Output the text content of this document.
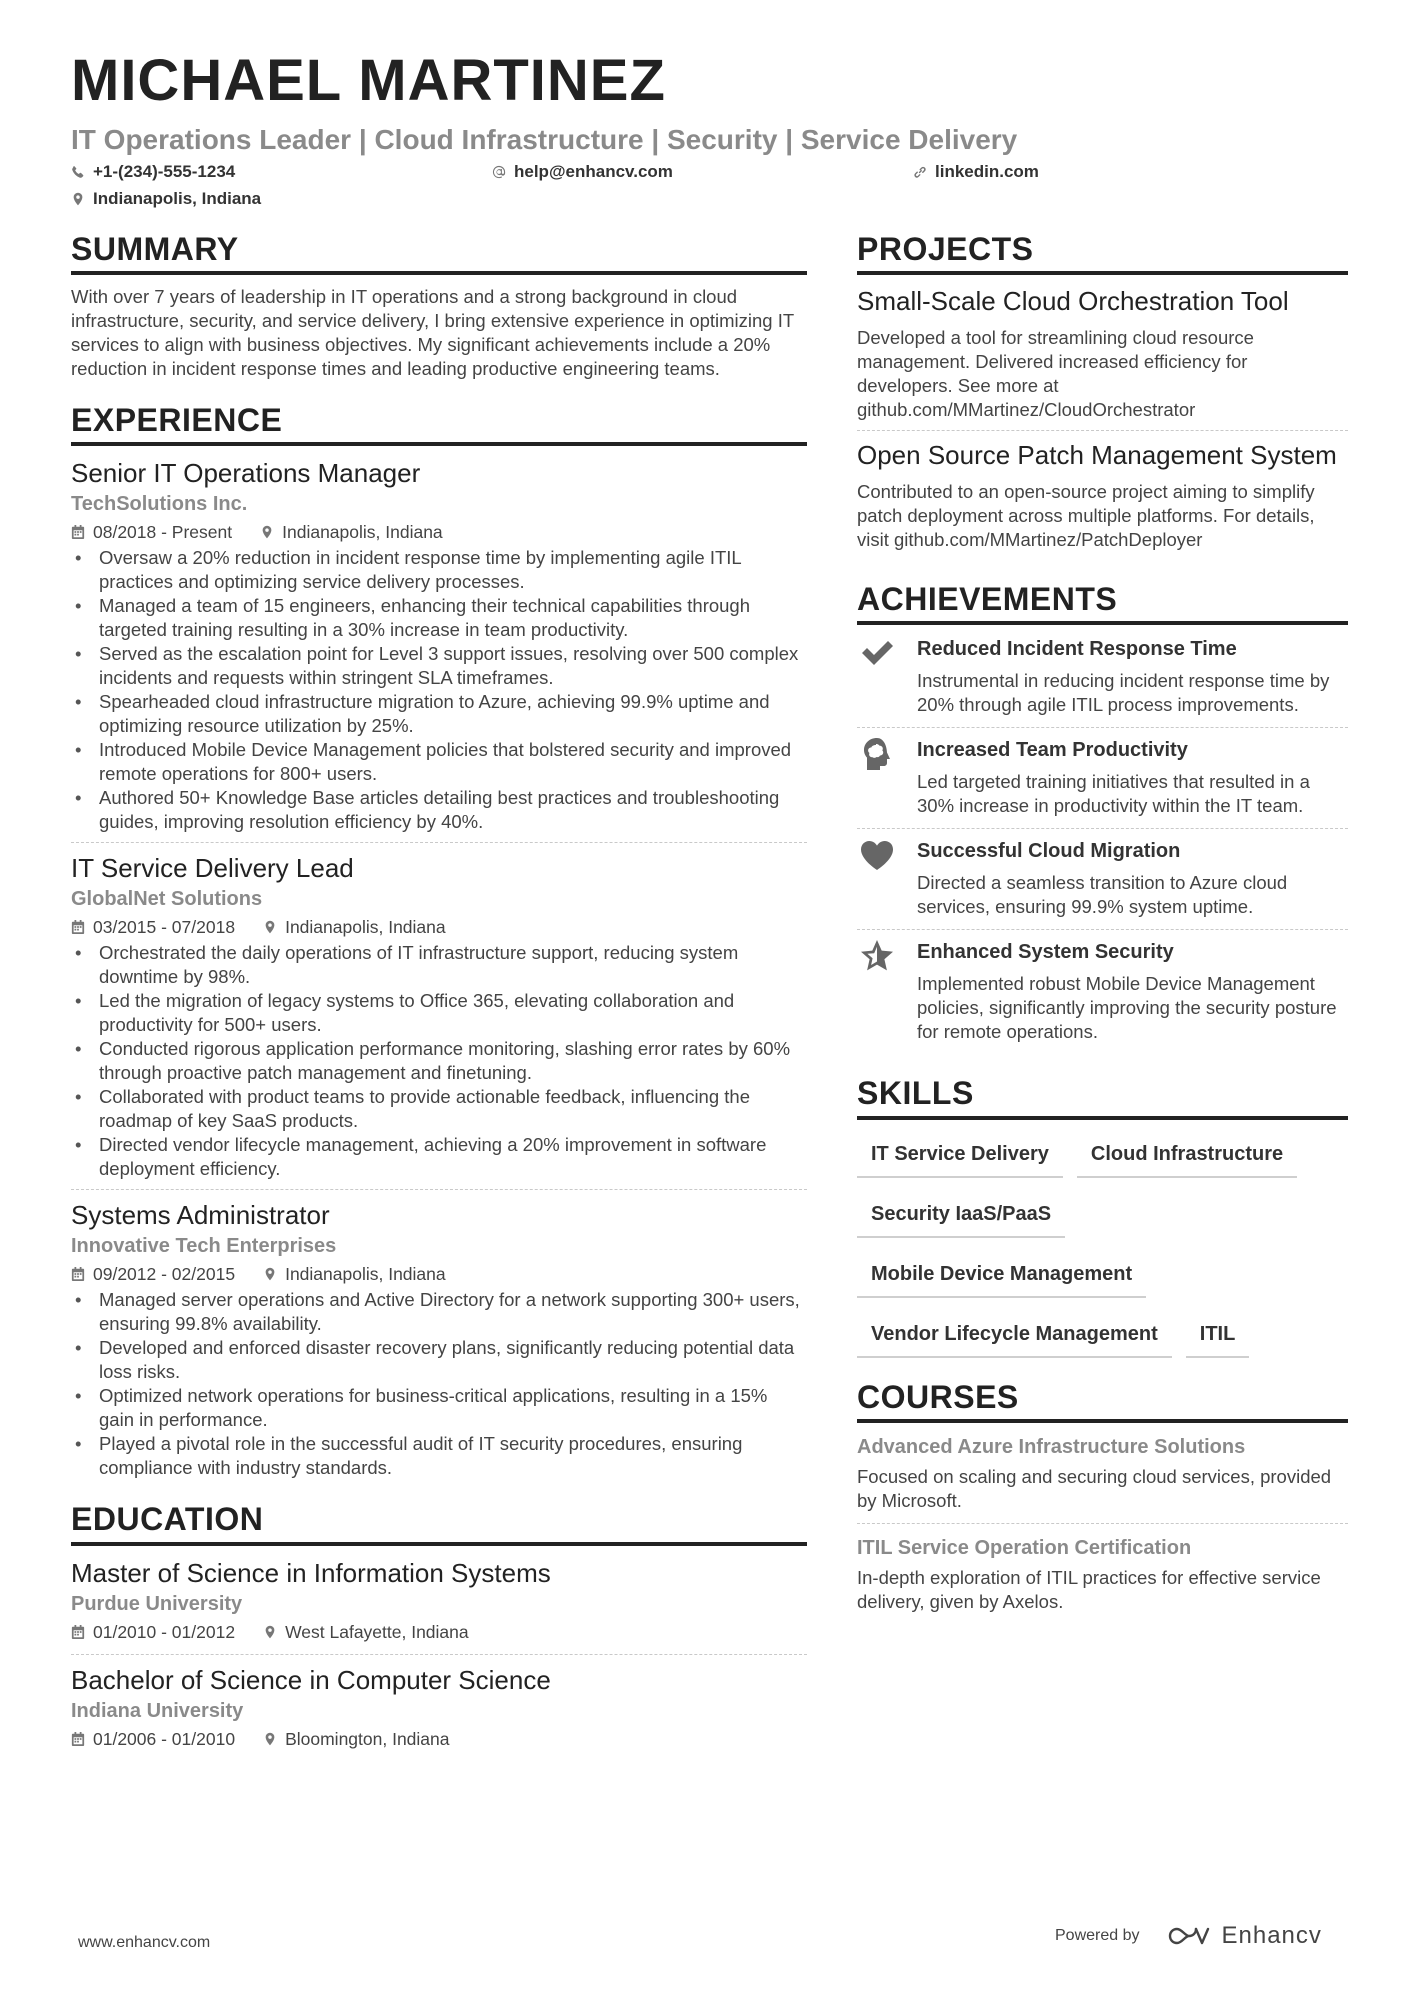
MICHAEL MARTINEZ
IT Operations Leader | Cloud Infrastructure | Security | Service Delivery
+1-(234)-555-1234	help@enhancv.com	linkedin.com
Indianapolis, Indiana
SUMMARY

With over 7 years of leadership in IT operations and a strong background in cloud infrastructure, security, and service delivery, I bring extensive experience in optimizing IT services to align with business objectives. My significant achievements include a 20% reduction in incident response times and leading productive engineering teams.

EXPERIENCE
Senior IT Operations Manager
TechSolutions Inc.
08/2018 - Present	Indianapolis, Indiana
• Oversaw a 20% reduction in incident response time by implementing agile ITIL practices and optimizing service delivery processes.
• Managed a team of 15 engineers, enhancing their technical capabilities through targeted training resulting in a 30% increase in team productivity.
• Served as the escalation point for Level 3 support issues, resolving over 500 complex incidents and requests within stringent SLA timeframes.
• Spearheaded cloud infrastructure migration to Azure, achieving 99.9% uptime and optimizing resource utilization by 25%.
• Introduced Mobile Device Management policies that bolstered security and improved remote operations for 800+ users.
• Authored 50+ Knowledge Base articles detailing best practices and troubleshooting guides, improving resolution efficiency by 40%.
IT Service Delivery Lead
GlobalNet Solutions
03/2015 - 07/2018	Indianapolis, Indiana
• Orchestrated the daily operations of IT infrastructure support, reducing system downtime by 98%.
• Led the migration of legacy systems to Office 365, elevating collaboration and productivity for 500+ users.
• Conducted rigorous application performance monitoring, slashing error rates by 60% through proactive patch management and finetuning.
• Collaborated with product teams to provide actionable feedback, influencing the roadmap of key SaaS products.
• Directed vendor lifecycle management, achieving a 20% improvement in software deployment efficiency.
Systems Administrator
Innovative Tech Enterprises
09/2012 - 02/2015	Indianapolis, Indiana
• Managed server operations and Active Directory for a network supporting 300+ users, ensuring 99.8% availability.
• Developed and enforced disaster recovery plans, significantly reducing potential data loss risks.
• Optimized network operations for business-critical applications, resulting in a 15% gain in performance.
• Played a pivotal role in the successful audit of IT security procedures, ensuring compliance with industry standards.
EDUCATION
Master of Science in Information Systems
Purdue University
01/2010 - 01/2012	West Lafayette, Indiana
Bachelor of Science in Computer Science
Indiana University
01/2006 - 01/2010	Bloomington, Indiana
PROJECTS
Small-Scale Cloud Orchestration Tool

Developed a tool for streamlining cloud resource management. Delivered increased efficiency for developers. See more at github.com/MMartinez/CloudOrchestrator

Open Source Patch Management System

Contributed to an open-source project aiming to simplify patch deployment across multiple platforms. For details, visit github.com/MMartinez/PatchDeployer

ACHIEVEMENTS
Reduced Incident Response Time

Instrumental in reducing incident response time by 20% through agile ITIL process improvements.

Increased Team Productivity

Led targeted training initiatives that resulted in a 30% increase in productivity within the IT team.

Successful Cloud Migration

Directed a seamless transition to Azure cloud services, ensuring 99.9% system uptime.

Enhanced System Security

Implemented robust Mobile Device Management policies, significantly improving the security posture for remote operations.

SKILLS
IT Service Delivery	Cloud Infrastructure
Security IaaS/PaaS
Mobile Device Management
Vendor Lifecycle Management	ITIL
COURSES
Advanced Azure Infrastructure Solutions

Focused on scaling and securing cloud services, provided by Microsoft.

ITIL Service Operation Certification

In-depth exploration of ITIL practices for effective service delivery, given by Axelos.

www.enhancv.com	Powered by	Enhancv
